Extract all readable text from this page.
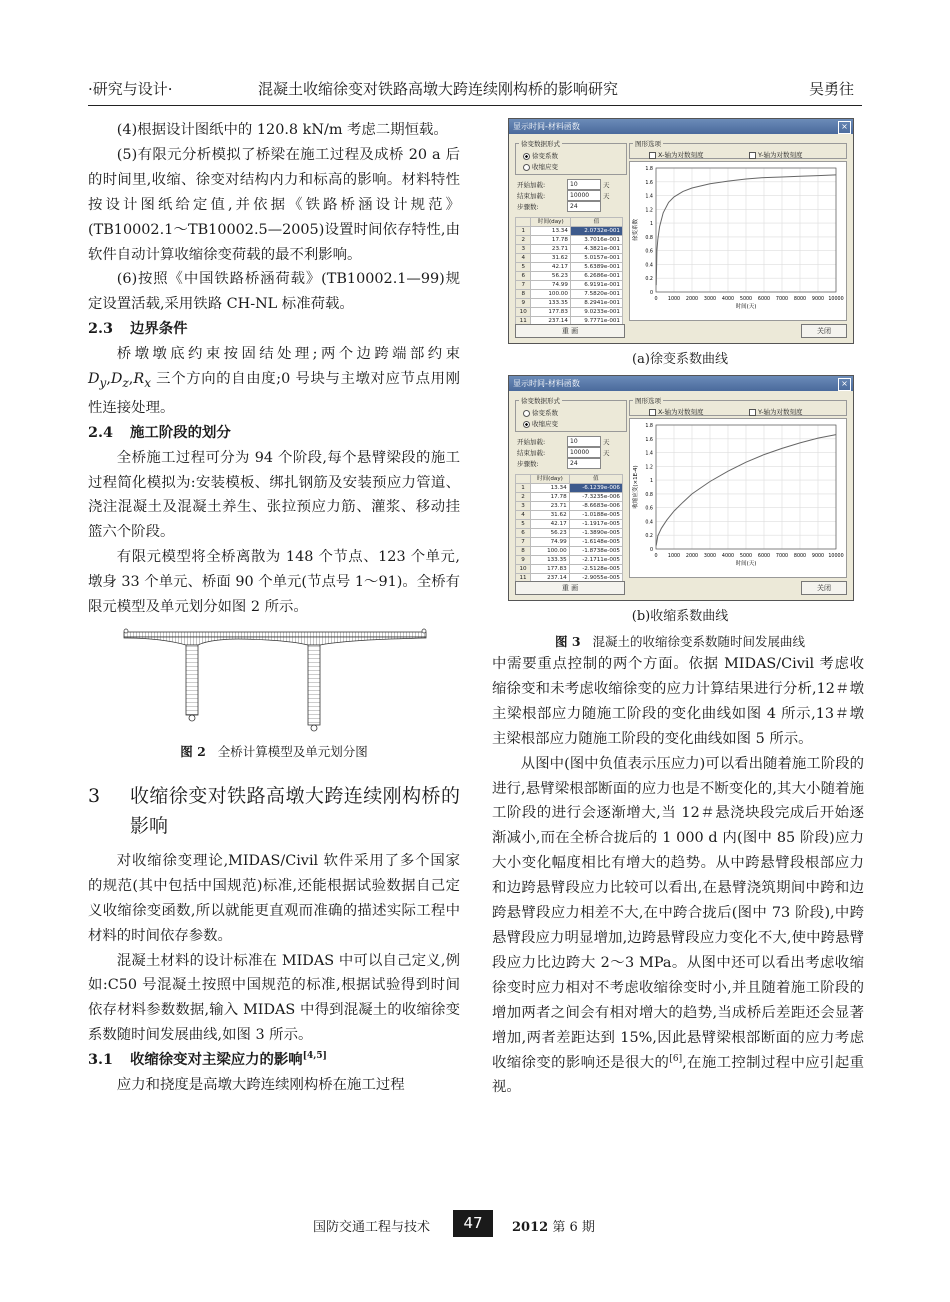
·研究与设计·	混凝土收缩徐变对铁路高墩大跨连续刚构桥的影响研究	吴勇往

(4)根据设计图纸中的 120.8 kN/m 考虑二期恒载。

(5)有限元分析模拟了桥梁在施工过程及成桥 20 a 后的时间里,收缩、徐变对结构内力和标高的影响。材料特性按设计图纸给定值,并依据《铁路桥涵设计规范》(TB10002.1～TB10002.5—2005)设置时间依存特性,由软件自动计算收缩徐变荷载的最不利影响。

(6)按照《中国铁路桥涵荷载》(TB10002.1—99)规定设置活载,采用铁路 CH-NL 标准荷载。

2.3 边界条件

桥墩墩底约束按固结处理;两个边跨端部约束 $D_y,D_z,R_x$ 三个方向的自由度;0 号块与主墩对应节点用刚性连接处理。

2.4 施工阶段的划分

全桥施工过程可分为 94 个阶段,每个悬臂梁段的施工过程简化模拟为:安装模板、绑扎钢筋及安装预应力管道、浇注混凝土及混凝土养生、张拉预应力筋、灌浆、移动挂篮六个阶段。

有限元模型将全桥离散为 148 个节点、123 个单元,墩身 33 个单元、桥面 90 个单元(节点号 1～91)。全桥有限元模型及单元划分如图 2 所示。

图 2 全桥计算模型及单元划分图
3	收缩徐变对铁路高墩大跨连续刚构桥的影响

对收缩徐变理论,MIDAS/Civil 软件采用了多个国家的规范(其中包括中国规范)标准,还能根据试验数据自己定义收缩徐变函数,所以就能更直观而准确的描述实际工程中材料的时间依存参数。

混凝土材料的设计标准在 MIDAS 中可以自己定义,例如:C50 号混凝土按照中国规范的标准,根据试验得到时间依存材料参数数据,输入 MIDAS 中得到混凝土的收缩徐变系数随时间发展曲线,如图 3 所示。

3.1 收缩徐变对主梁应力的影响[4,5]

应力和挠度是高墩大跨连续刚构桥在施工过程

显示时间-材料函数	×
徐变数据形式
徐变系数
收缩应变
图形选项
X-轴为对数刻度	Y-轴为对数刻度
开始加载:	10	天
结束加载:	10000	天
步骤数:	24
	时间(day)	值
1	13.34	2.0732e-001
2	17.78	3.7016e-001
3	23.71	4.3821e-001
4	31.62	5.0157e-001
5	42.17	5.6389e-001
6	56.23	6.2686e-001
7	74.99	6.9191e-001
8	100.00	7.5820e-001
9	133.35	8.2941e-001
10	177.83	9.0233e-001
11	237.14	9.7771e-001
重 画	关闭
0 1000 2000 3000 4000 5000 6000 7000 8000 9000 10000
0
0.2
0.4
0.6
0.8
1
1.2
1.4
1.6
1.8
时间(天)
徐变系数
(a)徐变系数曲线
显示时间-材料函数	×
徐变数据形式
徐变系数
收缩应变
图形选项
X-轴为对数刻度	Y-轴为对数刻度
开始加载:	10	天
结束加载:	10000	天
步骤数:	24
	时间(day)	值
1	13.34	-6.1239e-006
2	17.78	-7.3235e-006
3	23.71	-8.6683e-006
4	31.62	-1.0188e-005
5	42.17	-1.1917e-005
6	56.23	-1.3890e-005
7	74.99	-1.6148e-005
8	100.00	-1.8738e-005
9	133.35	-2.1711e-005
10	177.83	-2.5128e-005
11	237.14	-2.9055e-005
重 画	关闭
0 1000 2000 3000 4000 5000 6000 7000 8000 9000 10000
0
0.2
0.4
0.6
0.8
1
1.2
1.4
1.6
1.8
时间(天)
收缩应变(×1E-4)
(b)收缩系数曲线
图 3 混凝土的收缩徐变系数随时间发展曲线

中需要重点控制的两个方面。依据 MIDAS/Civil 考虑收缩徐变和未考虑收缩徐变的应力计算结果进行分析,12＃墩主梁根部应力随施工阶段的变化曲线如图 4 所示,13＃墩主梁根部应力随施工阶段的变化曲线如图 5 所示。

从图中(图中负值表示压应力)可以看出随着施工阶段的进行,悬臂梁根部断面的应力也是不断变化的,其大小随着施工阶段的进行会逐渐增大,当 12＃悬浇块段完成后开始逐渐减小,而在全桥合拢后的 1 000 d 内(图中 85 阶段)应力大小变化幅度相比有增大的趋势。从中跨悬臂段根部应力和边跨悬臂段应力比较可以看出,在悬臂浇筑期间中跨和边跨悬臂段应力相差不大,在中跨合拢后(图中 73 阶段),中跨悬臂段应力明显增加,边跨悬臂段应力变化不大,使中跨悬臂段应力比边跨大 2～3 MPa。从图中还可以看出考虑收缩徐变时应力相对不考虑收缩徐变时小,并且随着施工阶段的增加两者之间会有相对增大的趋势,当成桥后差距还会显著增加,两者差距达到 15%,因此悬臂梁根部断面的应力考虑收缩徐变的影响还是很大的[6],在施工控制过程中应引起重视。

国防交通工程与技术	47	2012 第 6 期
